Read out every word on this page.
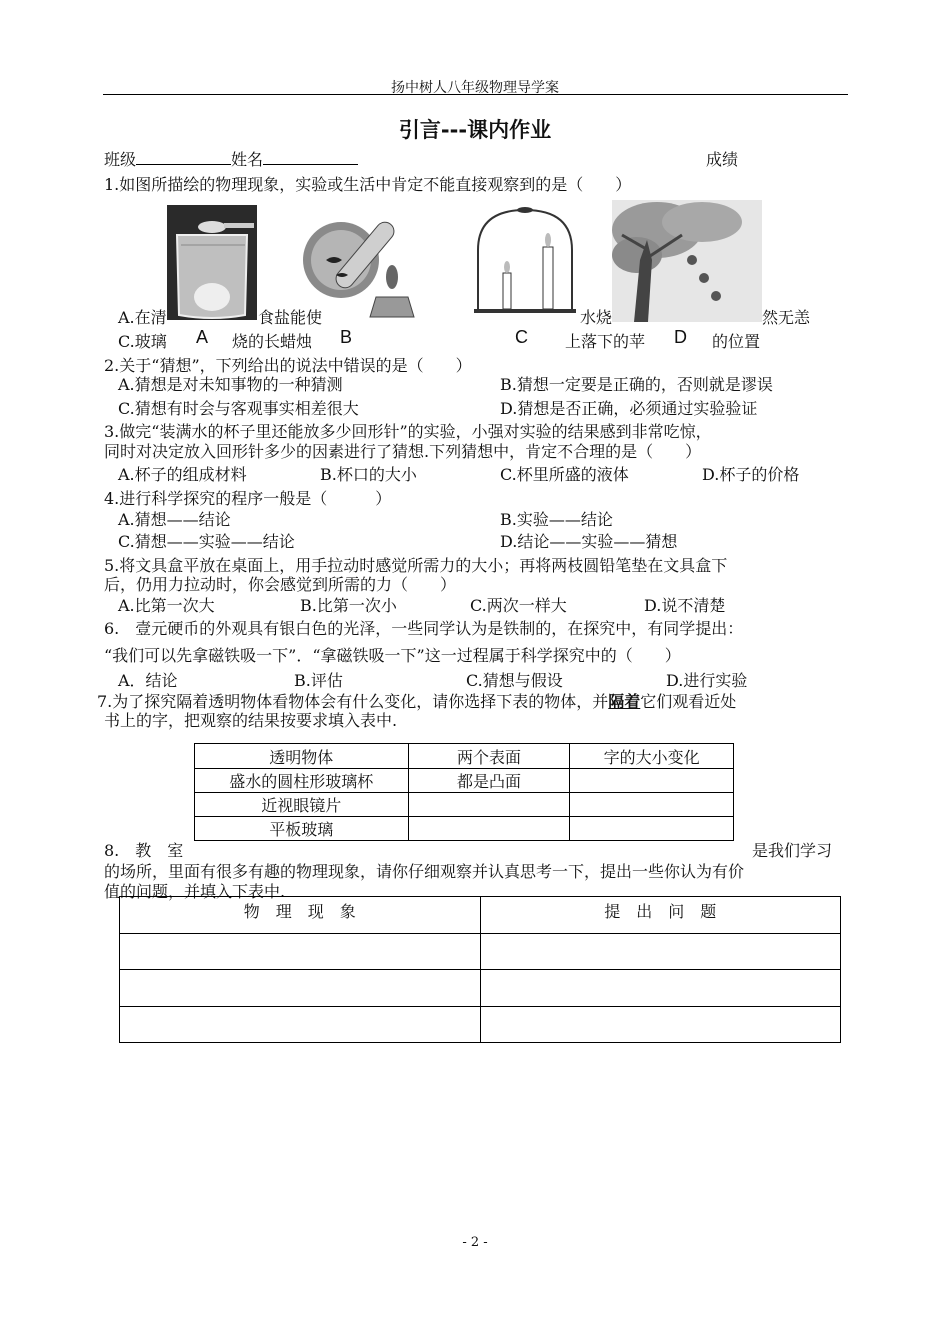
扬中树人八年级物理导学案
引言---课内作业
班级	姓名	成绩
1.如图所描绘的物理现象，实验或生活中肯定不能直接观察到的是（　　）
A.在清	食盐能使	水烧	然无恙
C.玻璃 A 烧的长蜡烛 B	C 上落下的苹 D 的位置
2.关于“猜想”，下列给出的说法中错误的是（　　）
A.猜想是对未知事物的一种猜测	B.猜想一定要是正确的，否则就是谬误
C.猜想有时会与客观事实相差很大	D.猜想是否正确，必须通过实验验证
3.做完“装满水的杯子里还能放多少回形针”的实验，小强对实验的结果感到非常吃惊，
同时对决定放入回形针多少的因素进行了猜想.下列猜想中，肯定不合理的是（　　）
A.杯子的组成材料	B.杯口的大小	C.杯里所盛的液体	D.杯子的价格
4.进行科学探究的程序一般是（　　　）
A.猜想——结论	B.实验——结论
C.猜想——实验——结论	D.结论——实验——猜想
5.将文具盒平放在桌面上，用手拉动时感觉所需力的大小；再将两枝圆铅笔垫在文具盒下
后，仍用力拉动时，你会感觉到所需的力（　　）
A.比第一次大	B.比第一次小	C.两次一样大	D.说不清楚
6.　壹元硬币的外观具有银白色的光泽，一些同学认为是铁制的，在探究中，有同学提出：
“我们可以先拿磁铁吸一下”．“拿磁铁吸一下”这一过程属于科学探究中的（　　）
A．结论	B.评估	C.猜想与假设	D.进行实验
7.为了探究隔着透明物体看物体会有什么变化，请你选择下表的物体，并隔着它们观看近处
书上的字，把观察的结果按要求填入表中.
透明物体	两个表面	字的大小变化
盛水的圆柱形玻璃杯	都是凸面	
近视眼镜片		
平板玻璃		
8.　教　室	是我们学习
的场所，里面有很多有趣的物理现象，请你仔细观察并认真思考一下，提出一些你认为有价
值的问题，并填入下表中.
物　理　现　象	提　出　问　题

- 2 -
